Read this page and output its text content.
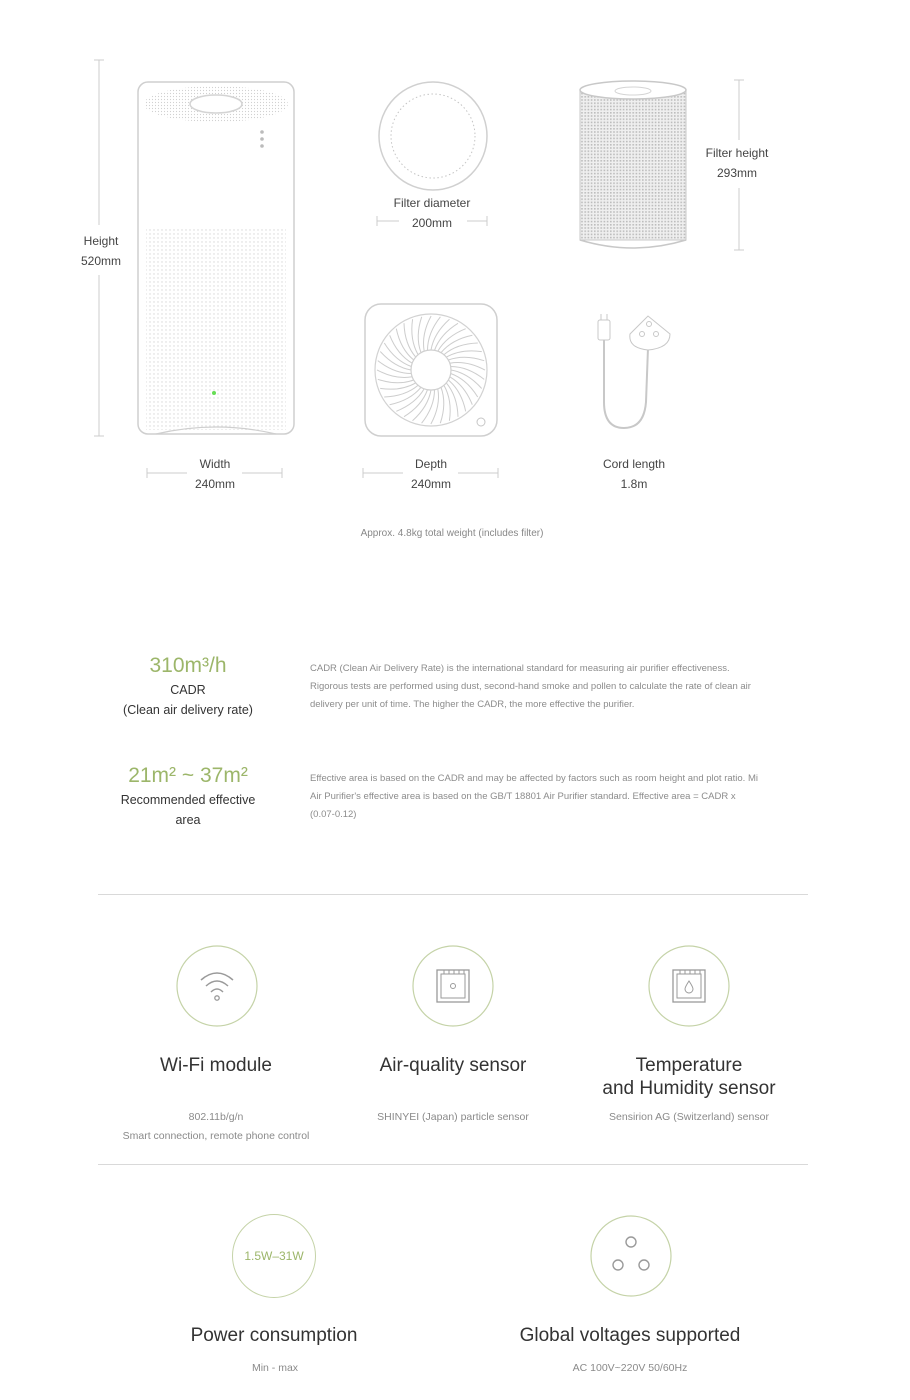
Height
520mm
Width
240mm
Filter diameter
200mm
Filter height
293mm
Depth
240mm
Cord length
1.8m
Approx. 4.8kg total weight (includes filter)
310m³/h
CADR
(Clean air delivery rate)
CADR (Clean Air Delivery Rate) is the international standard for measuring air purifier effectiveness. Rigorous tests are performed using dust, second-hand smoke and pollen to calculate the rate of clean air delivery per unit of time. The higher the CADR, the more effective the purifier.
21m² ~ 37m²
Recommended effective
area
Effective area is based on the CADR and may be affected by factors such as room height and plot ratio. Mi Air Purifier's effective area is based on the GB/T 18801 Air Purifier standard. Effective area = CADR x (0.07-0.12)
Wi-Fi module
802.11b/g/n
Smart connection, remote phone control
Air-quality sensor
SHINYEI (Japan) particle sensor
Temperature
and Humidity sensor
Sensirion AG (Switzerland) sensor
1.5W–31W
Power consumption
Min - max
Global voltages supported
AC 100V~220V 50/60Hz
